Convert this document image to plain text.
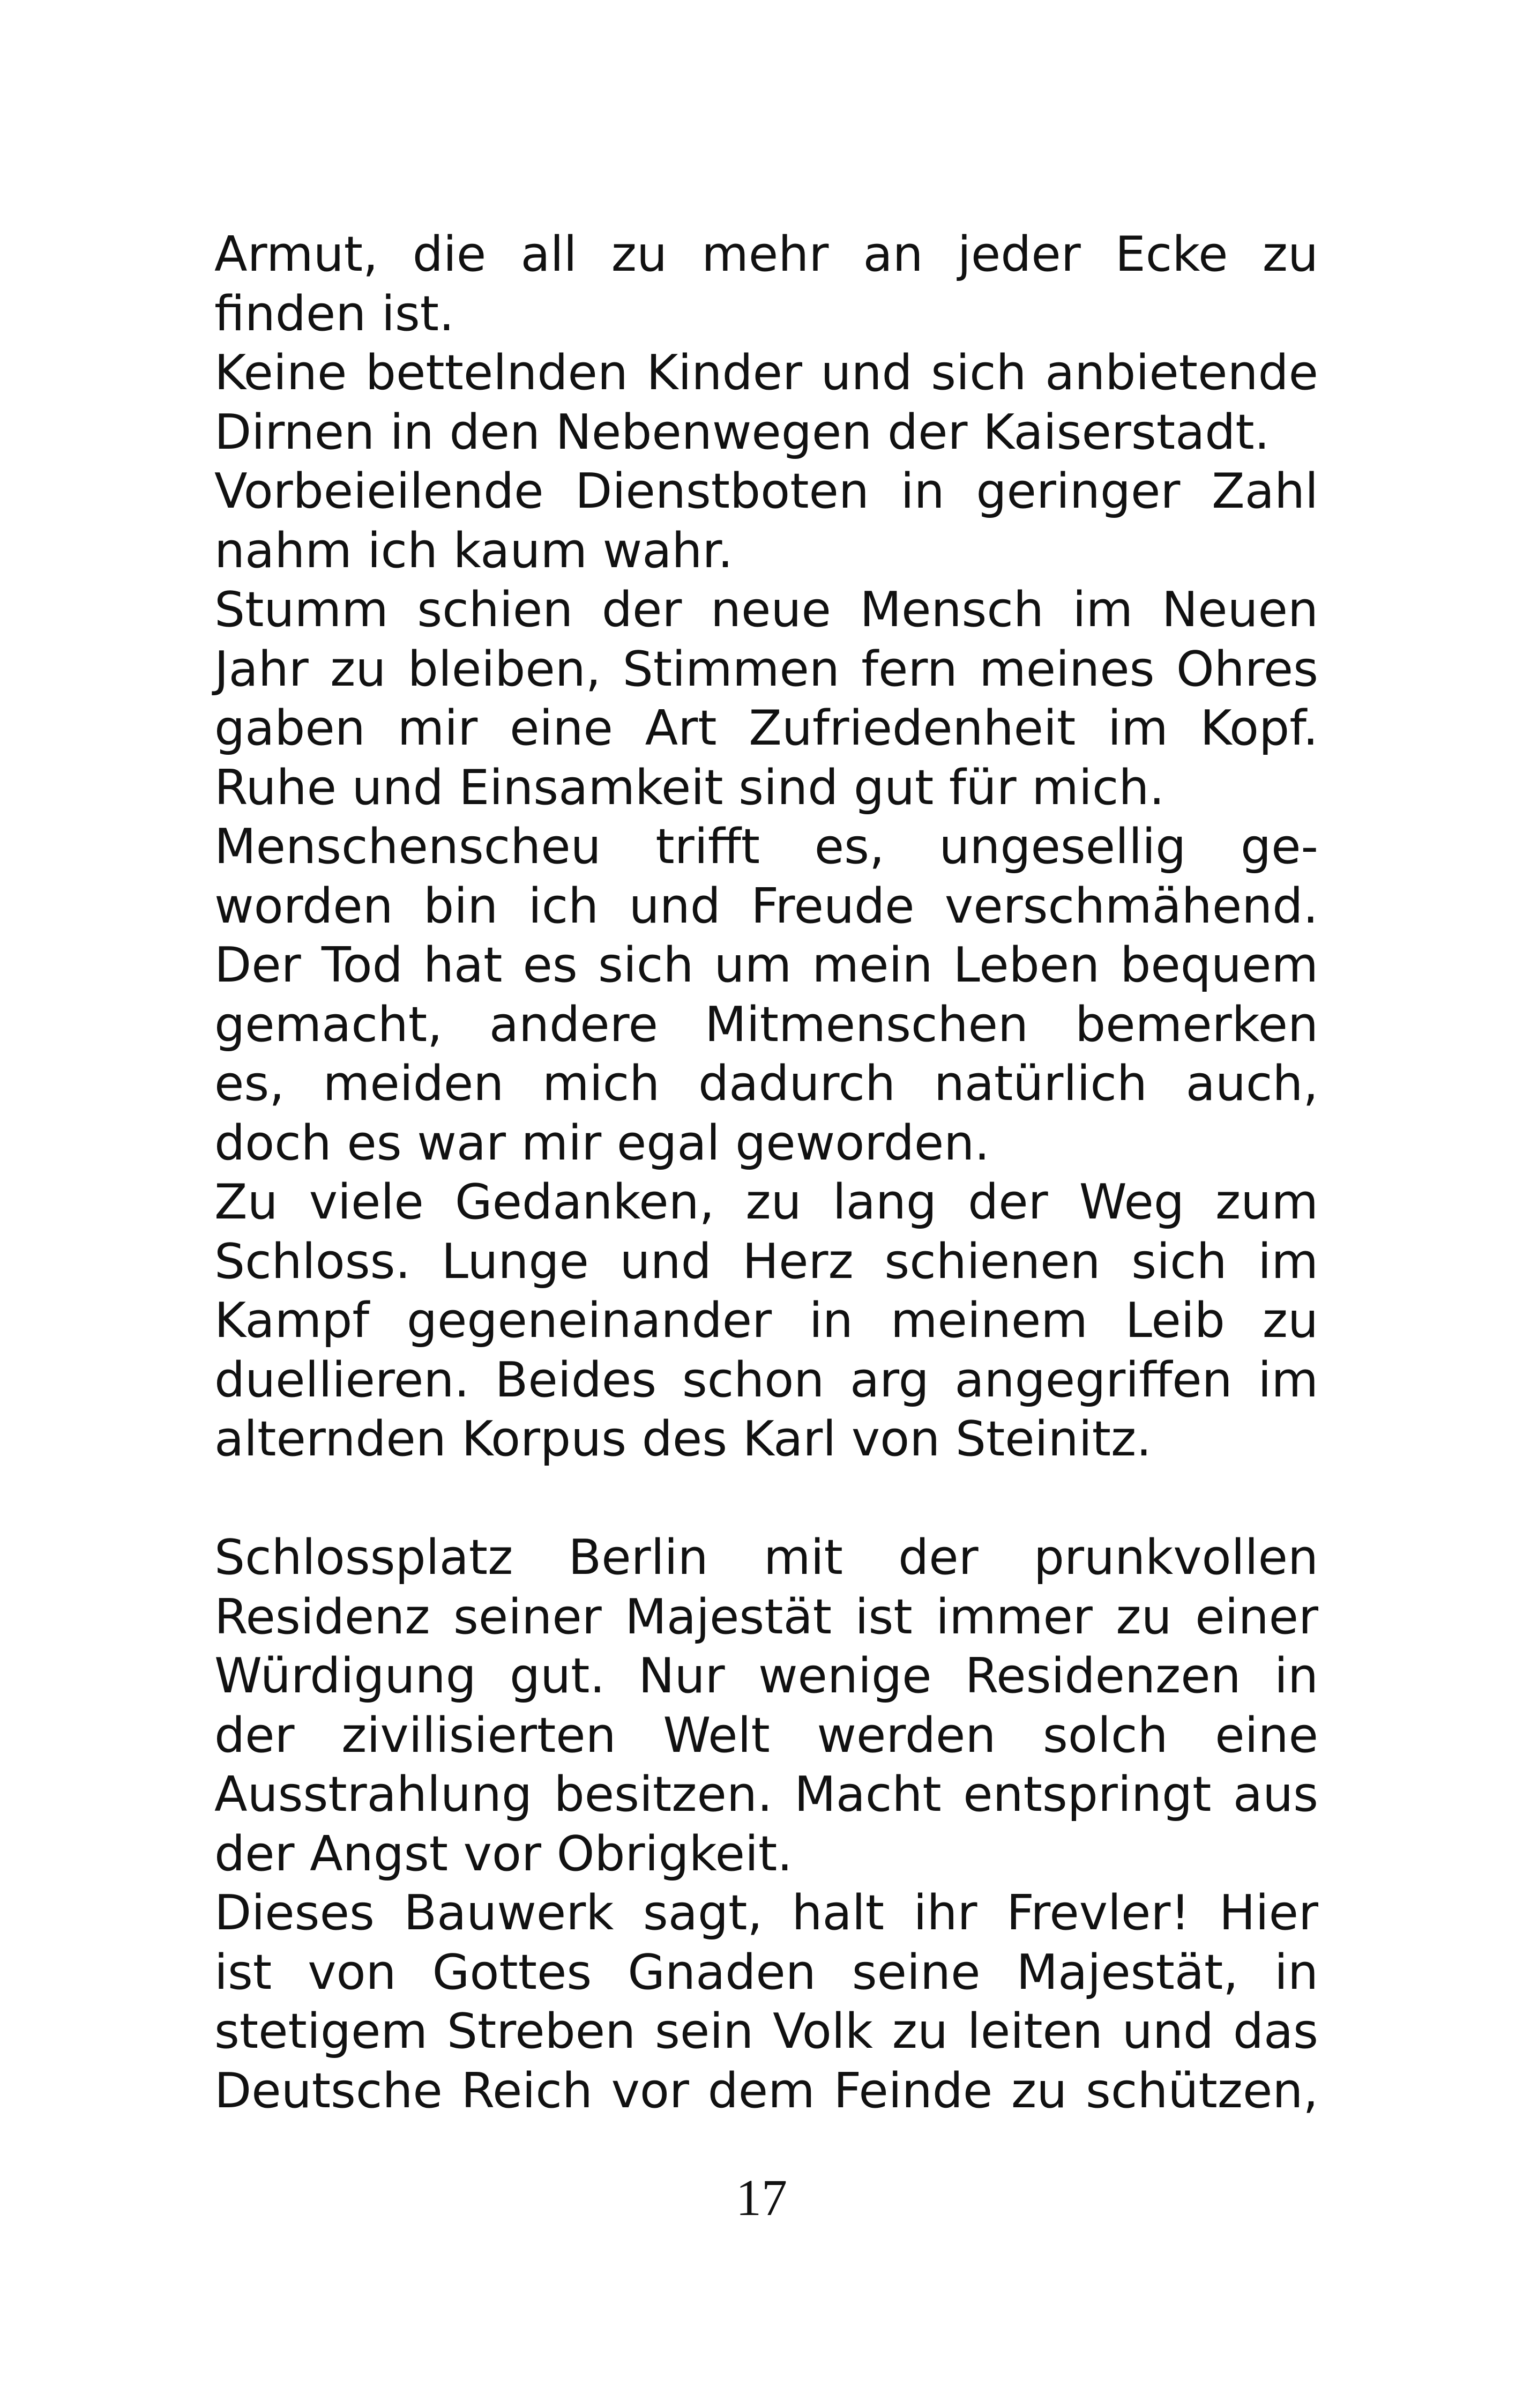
Armut, die all zu mehr an jeder Ecke zu
finden ist.

Keine bettelnden Kinder und sich anbietende
Dirnen in den Nebenwegen der Kaiserstadt.

Vorbeieilende Dienstboten in geringer Zahl
nahm ich kaum wahr.

Stumm schien der neue Mensch im Neuen
Jahr zu bleiben, Stimmen fern meines Ohres
gaben mir eine Art Zufriedenheit im Kopf.
Ruhe und Einsamkeit sind gut für mich.

Menschenscheu trifft es, ungesellig ge-
worden bin ich und Freude verschmähend.
Der Tod hat es sich um mein Leben bequem
gemacht, andere Mitmenschen bemerken
es, meiden mich dadurch natürlich auch,
doch es war mir egal geworden.

Zu viele Gedanken, zu lang der Weg zum
Schloss. Lunge und Herz schienen sich im
Kampf gegeneinander in meinem Leib zu
duellieren. Beides schon arg angegriffen im
alternden Korpus des Karl von Steinitz.

Schlossplatz Berlin mit der prunkvollen
Residenz seiner Majestät ist immer zu einer
Würdigung gut. Nur wenige Residenzen in
der zivilisierten Welt werden solch eine
Ausstrahlung besitzen. Macht entspringt aus
der Angst vor Obrigkeit.

Dieses Bauwerk sagt, halt ihr Frevler! Hier
ist von Gottes Gnaden seine Majestät, in
stetigem Streben sein Volk zu leiten und das
Deutsche Reich vor dem Feinde zu schützen,

17
